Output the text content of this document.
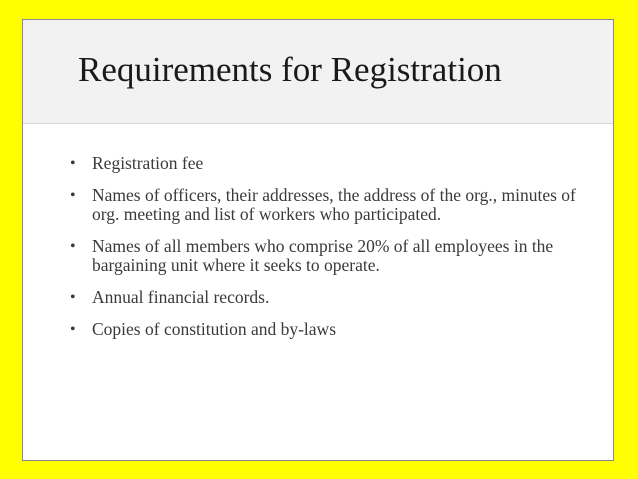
Requirements for Registration
• Registration fee
• Names of officers, their addresses, the address of the org., minutes of org. meeting and list of workers who participated.
• Names of all members who comprise 20% of all employees in the bargaining unit where it seeks to operate.
• Annual financial records.
• Copies of constitution and by-laws
